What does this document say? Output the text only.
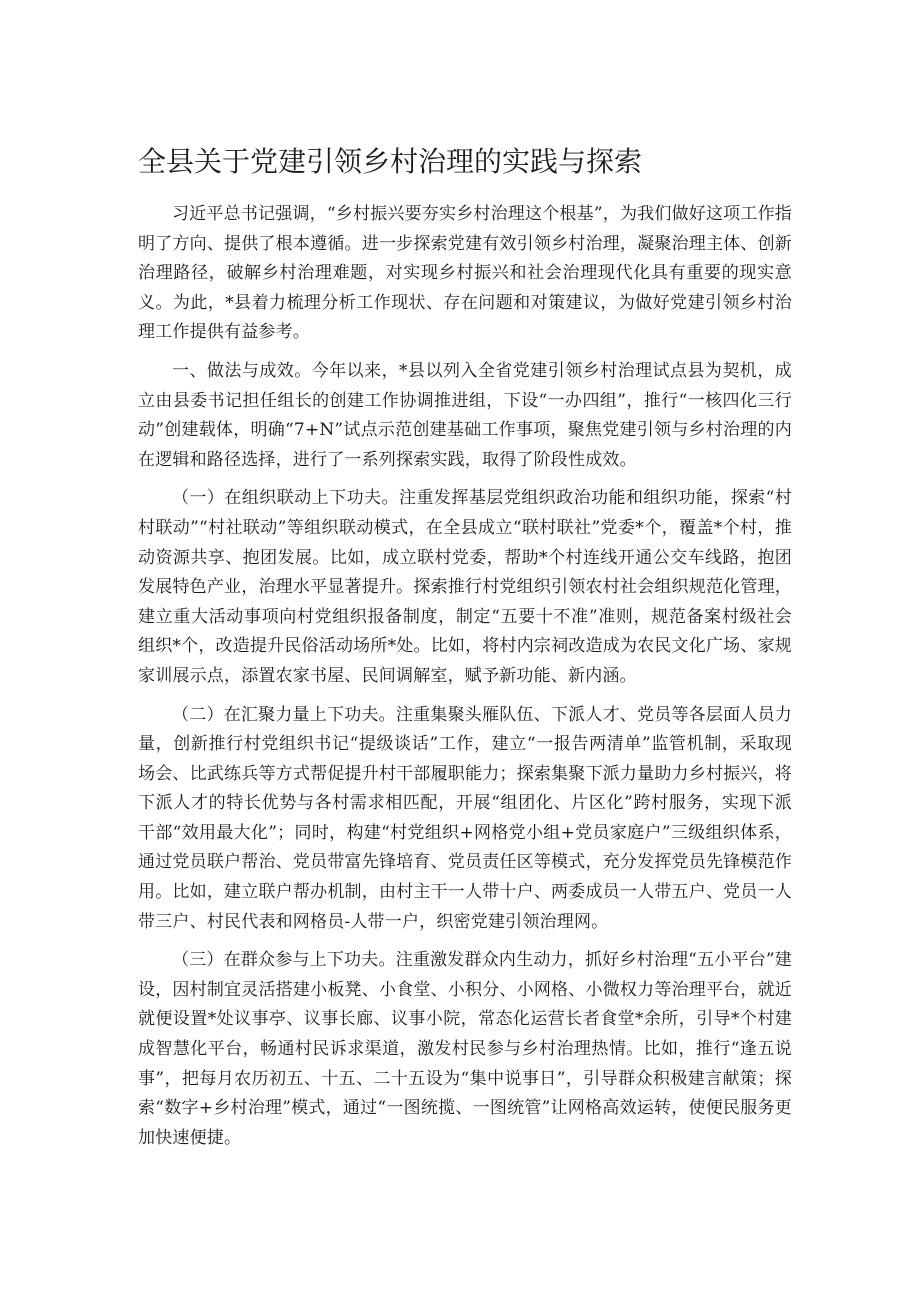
全县关于党建引领乡村治理的实践与探索

习近平总书记强调，“乡村振兴要夯实乡村治理这个根基”，为我们做好这项工作指明了方向、提供了根本遵循。进一步探索党建有效引领乡村治理，凝聚治理主体、创新治理路径，破解乡村治理难题，对实现乡村振兴和社会治理现代化具有重要的现实意义。为此，*县着力梳理分析工作现状、存在问题和对策建议，为做好党建引领乡村治理工作提供有益参考。

一、做法与成效。今年以来，*县以列入全省党建引领乡村治理试点县为契机，成立由县委书记担任组长的创建工作协调推进组，下设“一办四组”，推行“一核四化三行动”创建载体，明确“7+N”试点示范创建基础工作事项，聚焦党建引领与乡村治理的内在逻辑和路径选择，进行了一系列探索实践，取得了阶段性成效。

（一）在组织联动上下功夫。注重发挥基层党组织政治功能和组织功能，探索“村村联动”“村社联动”等组织联动模式，在全县成立“联村联社”党委*个，覆盖*个村，推动资源共享、抱团发展。比如，成立联村党委，帮助*个村连线开通公交车线路，抱团发展特色产业，治理水平显著提升。探索推行村党组织引领农村社会组织规范化管理，建立重大活动事项向村党组织报备制度，制定“五要十不准”准则，规范备案村级社会组织*个，改造提升民俗活动场所*处。比如，将村内宗祠改造成为农民文化广场、家规家训展示点，添置农家书屋、民间调解室，赋予新功能、新内涵。

（二）在汇聚力量上下功夫。注重集聚头雁队伍、下派人才、党员等各层面人员力量，创新推行村党组织书记“提级谈话”工作，建立“一报告两清单”监管机制，采取现场会、比武练兵等方式帮促提升村干部履职能力；探索集聚下派力量助力乡村振兴，将下派人才的特长优势与各村需求相匹配，开展“组团化、片区化”跨村服务，实现下派干部“效用最大化”；同时，构建“村党组织+网格党小组+党员家庭户”三级组织体系，通过党员联户帮治、党员带富先锋培育、党员责任区等模式，充分发挥党员先锋模范作用。比如，建立联户帮办机制，由村主干一人带十户、两委成员一人带五户、党员一人带三户、村民代表和网格员-人带一户，织密党建引领治理网。

（三）在群众参与上下功夫。注重激发群众内生动力，抓好乡村治理“五小平台”建设，因村制宜灵活搭建小板凳、小食堂、小积分、小网格、小微权力等治理平台，就近就便设置*处议事亭、议事长廊、议事小院，常态化运营长者食堂*余所，引导*个村建成智慧化平台，畅通村民诉求渠道，激发村民参与乡村治理热情。比如，推行“逢五说事”，把每月农历初五、十五、二十五设为“集中说事日”，引导群众积极建言献策；探索“数字+乡村治理”模式，通过“一图统揽、一图统管”让网格高效运转，使便民服务更加快速便捷。
